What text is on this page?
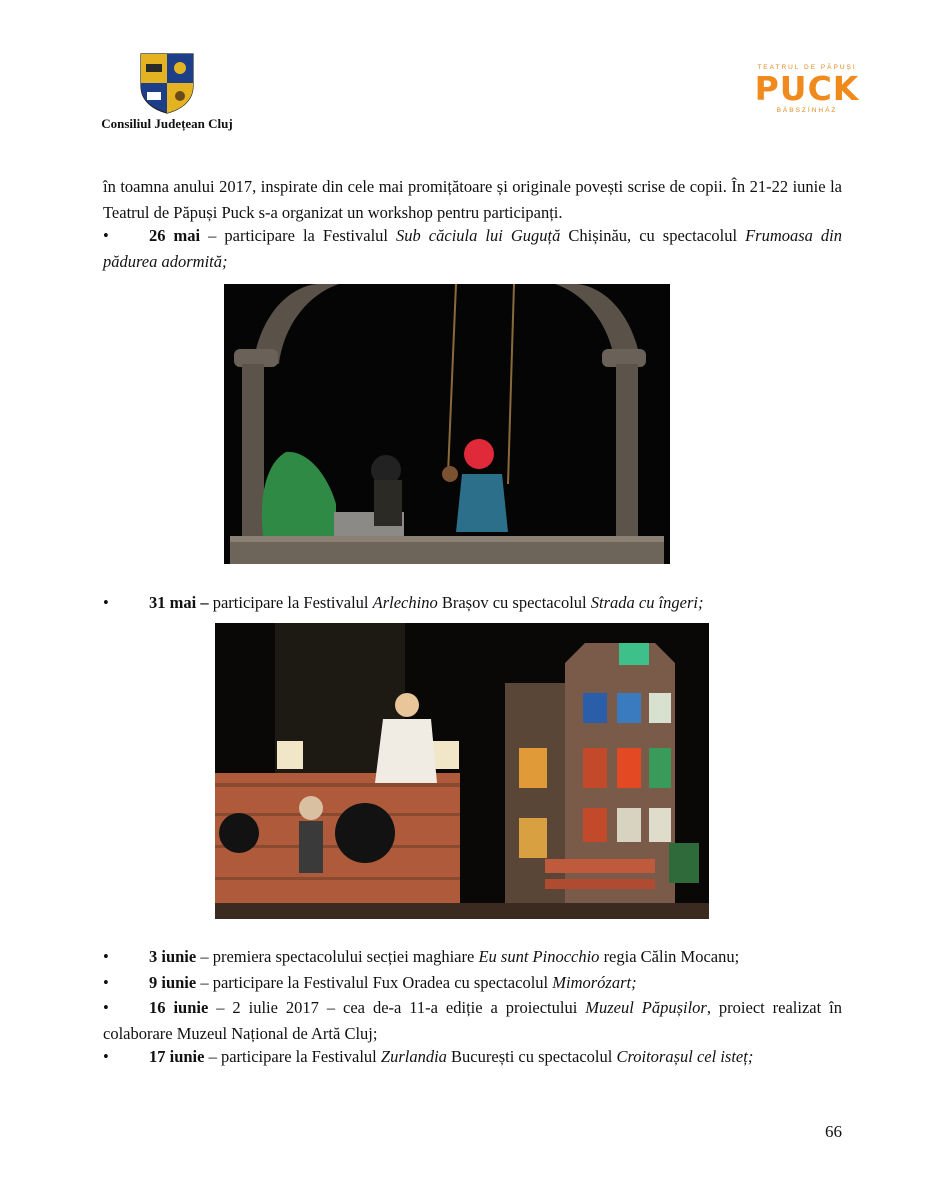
Consiliul Județean Cluj
TEATRUL DE PĂPUȘI
PUCK
BÁBSZÍNHÁZ
în toamna anului 2017, inspirate din cele mai promițătoare și originale povești scrise de copii. În 21-22 iunie la Teatrul de Păpuși Puck s-a organizat un workshop pentru participanți.
• 26 mai – participare la Festivalul Sub căciula lui Guguță Chișinău, cu spectacolul Frumoasa din pădurea adormită;
• 31 mai – participare la Festivalul Arlechino Brașov cu spectacolul Strada cu îngeri;
• 3 iunie – premiera spectacolului secției maghiare Eu sunt Pinocchio regia Călin Mocanu;
• 9 iunie – participare la Festivalul Fux Oradea cu spectacolul Mimorózart;
• 16 iunie – 2 iulie 2017 – cea de-a 11-a ediție a proiectului Muzeul Păpușilor, proiect realizat în colaborare Muzeul Național de Artă Cluj;
• 17 iunie – participare la Festivalul Zurlandia București cu spectacolul Croitorașul cel isteț;
66
